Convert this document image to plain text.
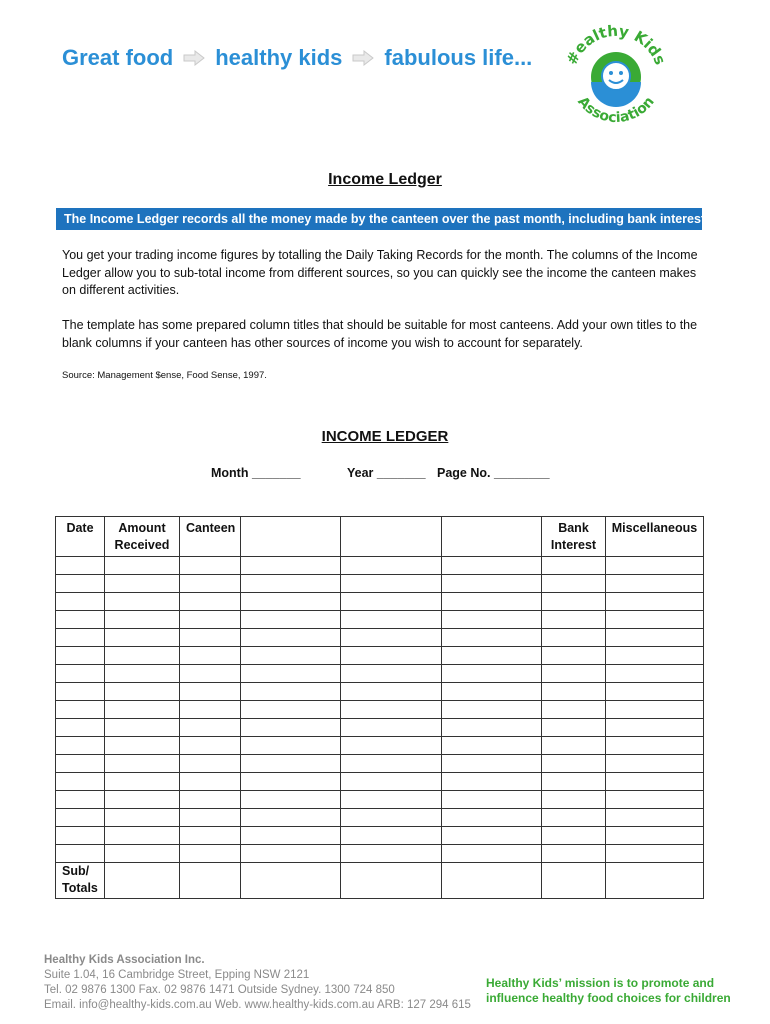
Great food healthy kids fabulous life... #ealthy Kids
Association
Income Ledger
The Income Ledger records all the money made by the canteen over the past month, including bank interest.
You get your trading income figures by totalling the Daily Taking Records for the month. The columns of the Income Ledger allow you to sub-total income from different sources, so you can quickly see the income the canteen makes on different activities.
The template has some prepared column titles that should be suitable for most canteens. Add your own titles to the blank columns if your canteen has other sources of income you wish to account for separately.
Source: Management $ense, Food Sense, 1997.
INCOME LEDGER
Month _______	Year _______ Page No. ________
Date	Amount Received	Canteen				Bank Interest	Miscellaneous

Sub/ Totals							
Healthy Kids Association Inc.
Suite 1.04, 16 Cambridge Street, Epping NSW 2121
Tel. 02 9876 1300 Fax. 02 9876 1471 Outside Sydney. 1300 724 850
Email. info@healthy-kids.com.au Web. www.healthy-kids.com.au ARB: 127 294 615
Healthy Kids’ mission is to promote and
influence healthy food choices for children
